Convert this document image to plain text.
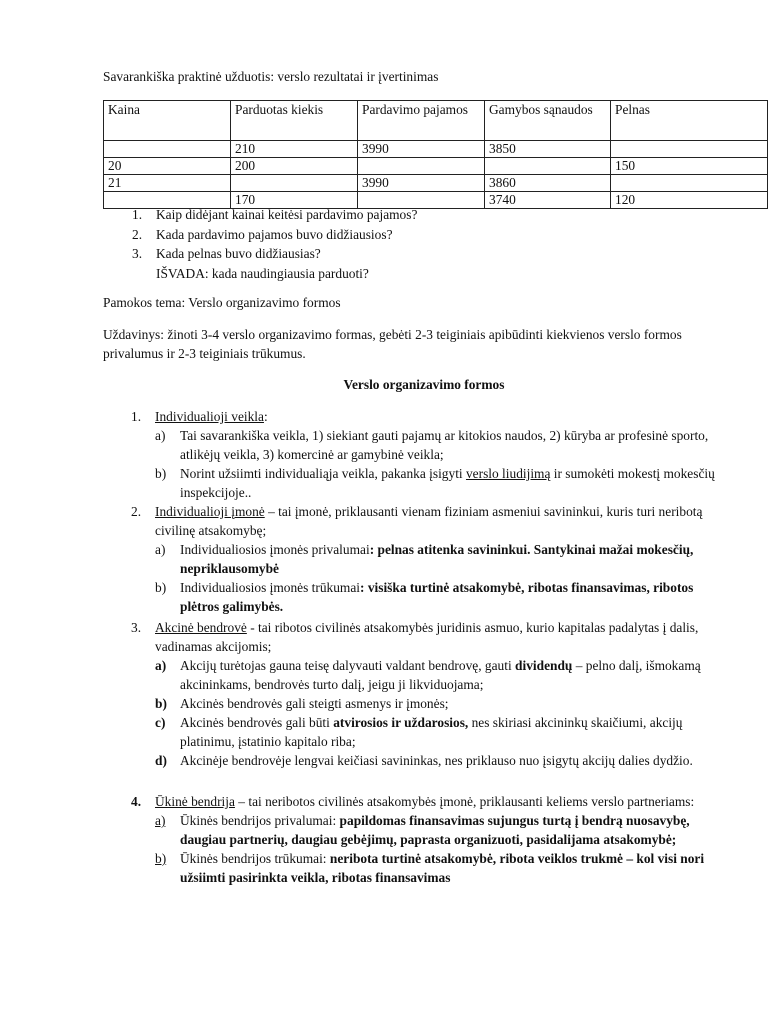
Savarankiška praktinė užduotis: verslo rezultatai ir įvertinimas
Kaina	Parduotas kiekis	Pardavimo pajamos	Gamybos sąnaudos	Pelnas
	210	3990	3850	
20	200			150
21		3990	3860	
	170		3740	120
1.	Kaip didėjant kainai keitėsi pardavimo pajamos?
2.	Kada pardavimo pajamos buvo didžiausios?
3.	Kada pelnas buvo didžiausias?
IŠVADA: kada naudingiausia parduoti?
Pamokos tema: Verslo organizavimo formos
Uždavinys: žinoti 3-4 verslo organizavimo formas, gebėti 2-3 teiginiais apibūdinti kiekvienos verslo formos privalumus ir 2-3 teiginiais trūkumus.
Verslo organizavimo formos
1.	Individualioji veikla:
a)	Tai savarankiška veikla, 1) siekiant gauti pajamų ar kitokios naudos, 2) kūryba ar profesinė sporto, atlikėjų veikla, 3) komercinė ar gamybinė veikla;
b)	Norint užsiimti individualiąja veikla, pakanka įsigyti verslo liudijimą ir sumokėti mokestį mokesčių inspekcijoje..
2.	Individualioji įmonė – tai įmonė, priklausanti vienam fiziniam asmeniui savininkui, kuris turi neribotą civilinę atsakomybę;
a)	Individualiosios įmonės privalumai: pelnas atitenka savininkui. Santykinai mažai mokesčių, nepriklausomybė
b)	Individualiosios įmonės trūkumai: visiška turtinė atsakomybė, ribotas finansavimas, ribotos plėtros galimybės.
3.	Akcinė bendrovė - tai ribotos civilinės atsakomybės juridinis asmuo, kurio kapitalas padalytas į dalis, vadinamas akcijomis;
a)	Akcijų turėtojas gauna teisę dalyvauti valdant bendrovę, gauti dividendų – pelno dalį, išmokamą akcininkams, bendrovės turto dalį, jeigu ji likviduojama;
b) Akcinės bendrovės gali steigti asmenys ir įmonės;
c)	Akcinės bendrovės gali būti atvirosios ir uždarosios, nes skiriasi akcininkų skaičiumi, akcijų platinimu, įstatinio kapitalo riba;
d) Akcinėje bendrovėje lengvai keičiasi savininkas, nes priklauso nuo įsigytų akcijų dalies dydžio.
4.	Ūkinė bendrija – tai neribotos civilinės atsakomybės įmonė, priklausanti keliems verslo partneriams:
a)	Ūkinės bendrijos privalumai: papildomas finansavimas sujungus turtą į bendrą nuosavybę, daugiau partnerių, daugiau gebėjimų, paprasta organizuoti, pasidalijama atsakomybė;
b)	Ūkinės bendrijos trūkumai: neribota turtinė atsakomybė, ribota veiklos trukmė – kol visi nori užsiimti pasirinkta veikla, ribotas finansavimas
